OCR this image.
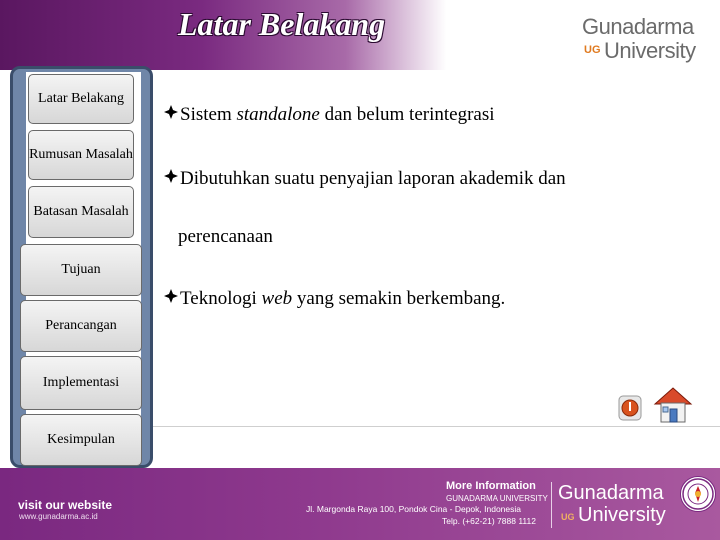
Latar Belakang	Gunadarma
UG University
Sistem standalone dan belum terintegrasi
Dibutuhkan suatu penyajian laporan akademik dan
perencanaan
Teknologi web yang semakin berkembang.
Latar Belakang
Rumusan Masalah
Batasan Masalah
Tujuan
Perancangan
Implementasi
Kesimpulan
visit our website
www.gunadarma.ac.id
More Information
GUNADARMA UNIVERSITY
Jl. Margonda Raya 100, Pondok Cina - Depok, Indonesia
Telp. (+62-21) 7888 1112
Gunadarma
UG University
